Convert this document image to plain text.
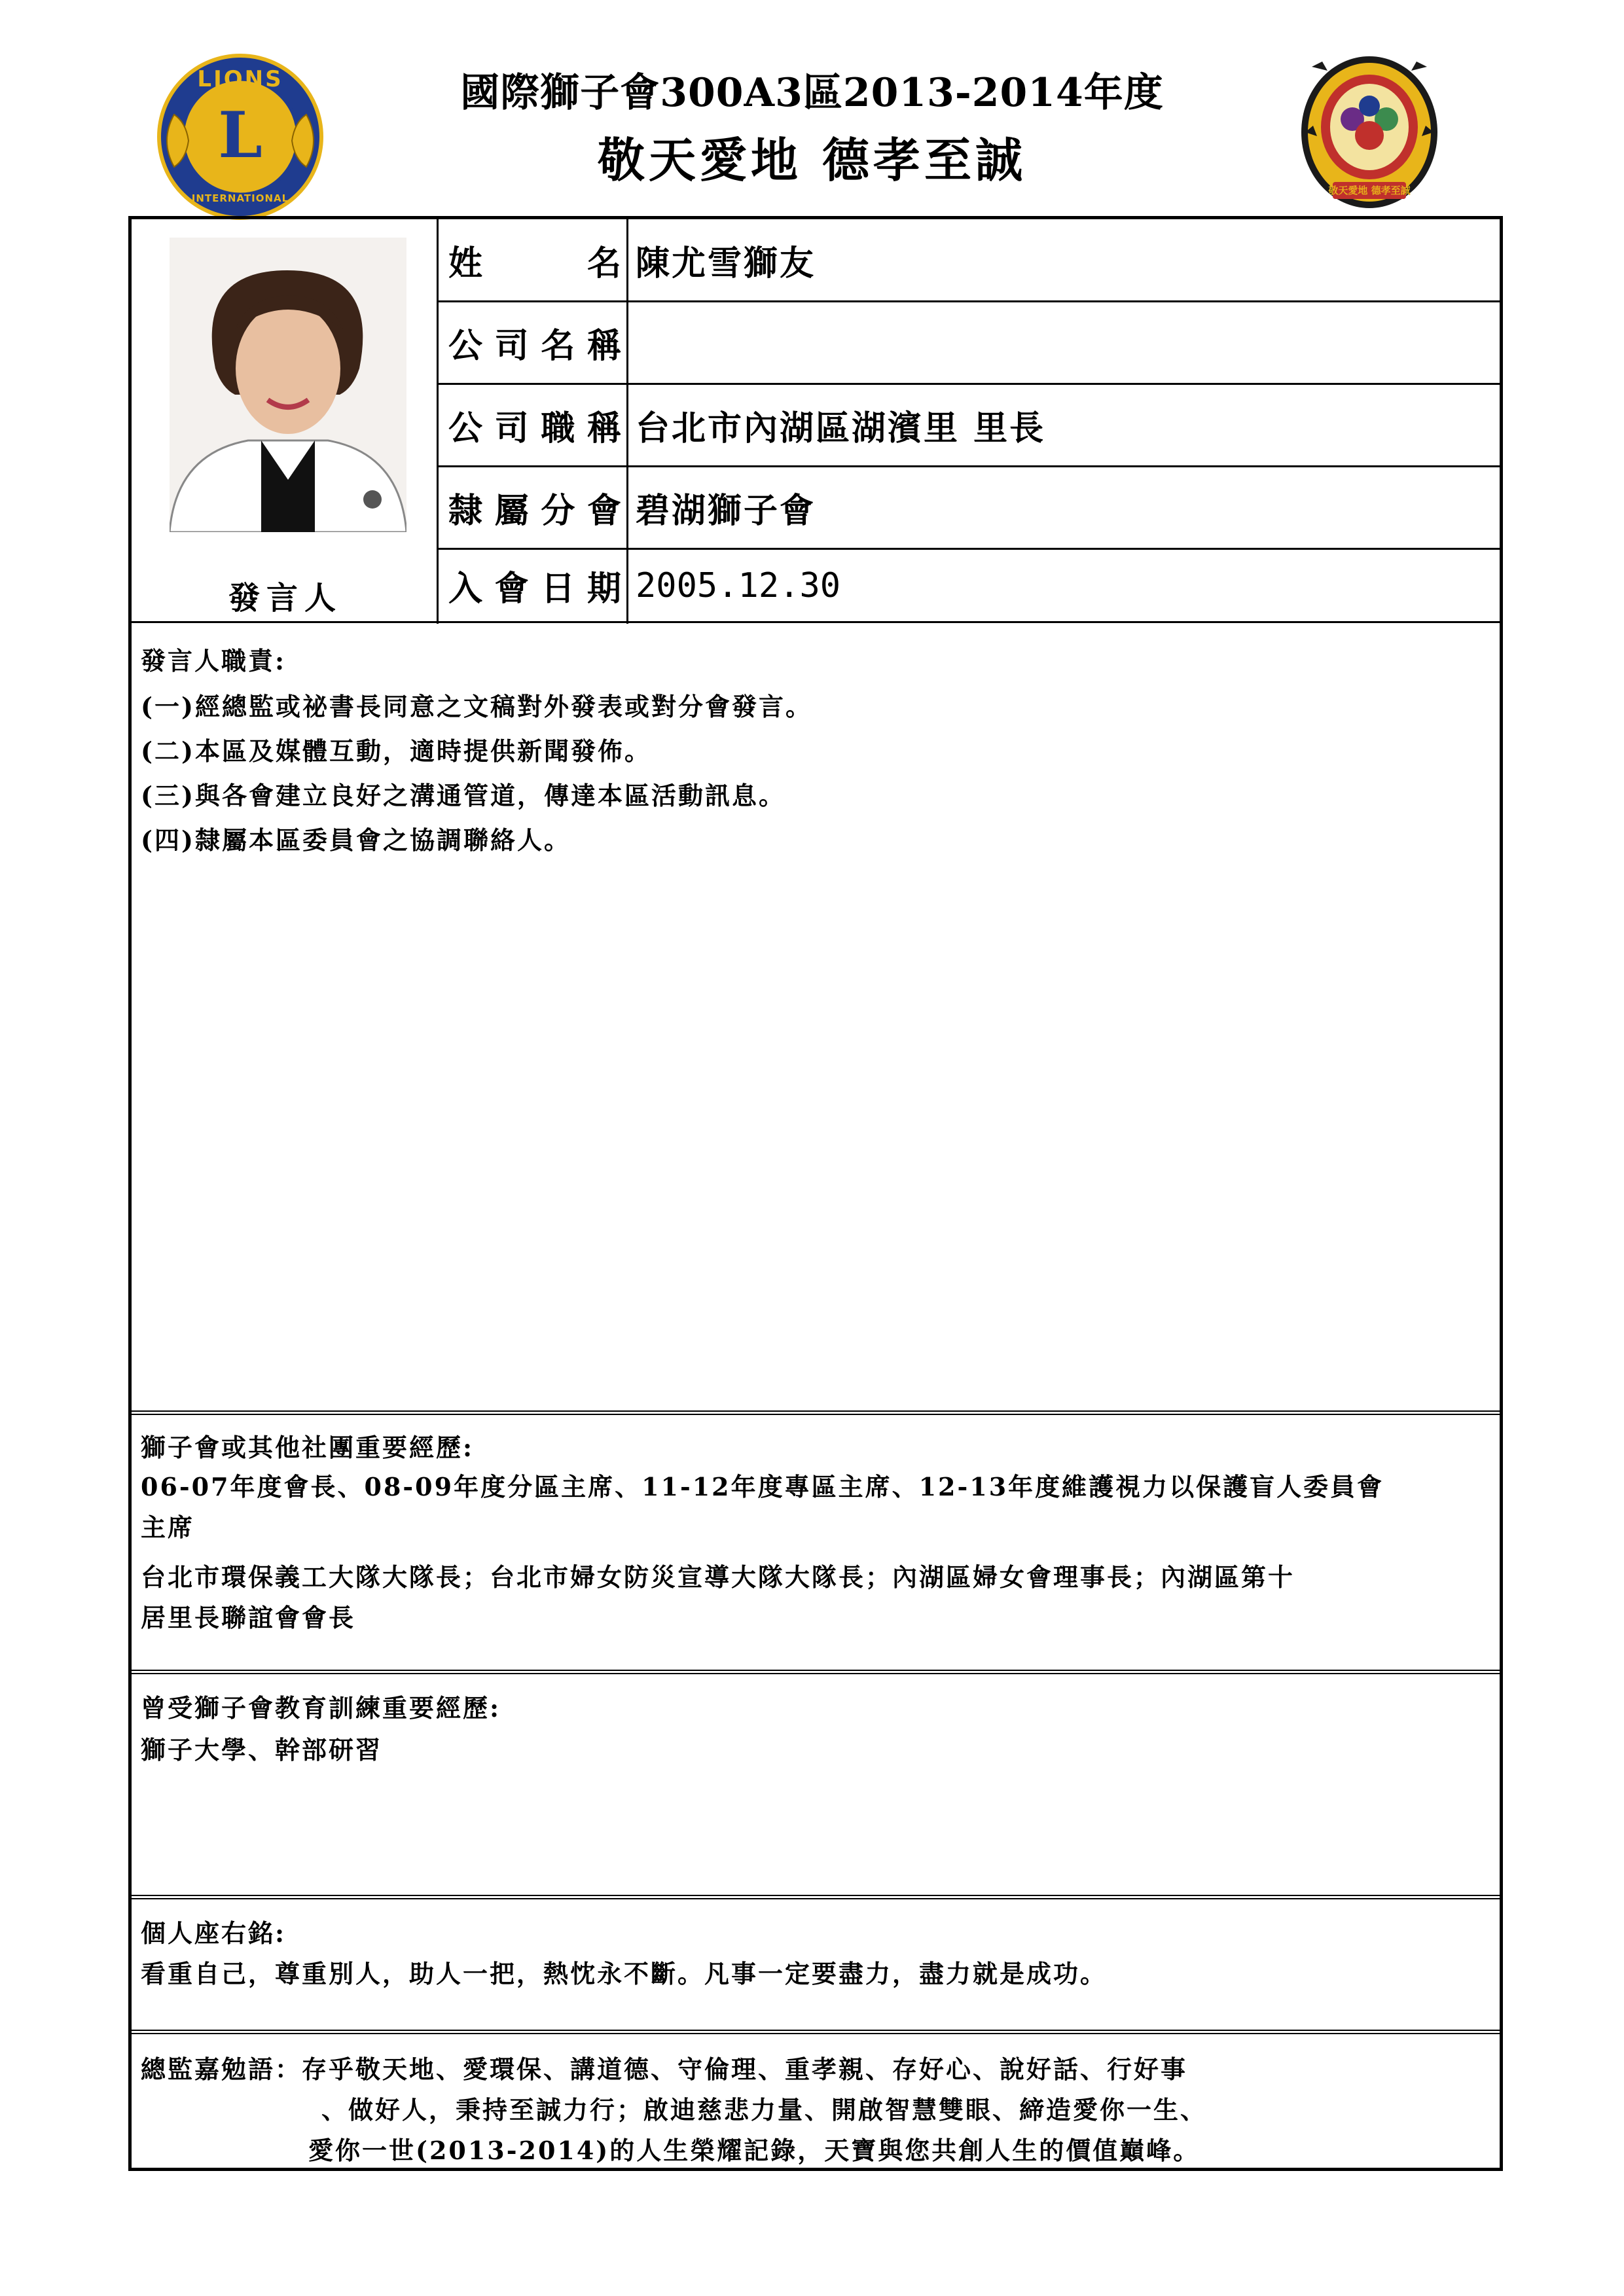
LIONS
L
INTERNATIONAL
敬天愛地 德孝至誠
國際獅子會300A3區2013-2014年度
敬天愛地 德孝至誠
發言人
姓	名
公 司 名 稱
公 司 職 稱
隸 屬 分 會
入 會 日 期
陳尤雪獅友
台北市內湖區湖濱里 里長
碧湖獅子會
2005.12.30
發言人職責:
(一)經總監或祕書長同意之文稿對外發表或對分會發言。
(二)本區及媒體互動，適時提供新聞發佈。
(三)與各會建立良好之溝通管道，傳達本區活動訊息。
(四)隸屬本區委員會之協調聯絡人。
獅子會或其他社團重要經歷:
06-07年度會長、08-09年度分區主席、11-12年度專區主席、12-13年度維護視力以保護盲人委員會
主席
台北市環保義工大隊大隊長；台北市婦女防災宣導大隊大隊長；內湖區婦女會理事長；內湖區第十
居里長聯誼會會長
曾受獅子會教育訓練重要經歷:
獅子大學、幹部研習
個人座右銘:
看重自己，尊重別人，助人一把，熱忱永不斷。凡事一定要盡力，盡力就是成功。
總監嘉勉語：存乎敬天地、愛環保、講道德、守倫理、重孝親、存好心、說好話、行好事
、做好人，秉持至誠力行；啟迪慈悲力量、開啟智慧雙眼、締造愛你一生、
愛你一世(2013-2014)的人生榮耀記錄，天寶與您共創人生的價值巔峰。
